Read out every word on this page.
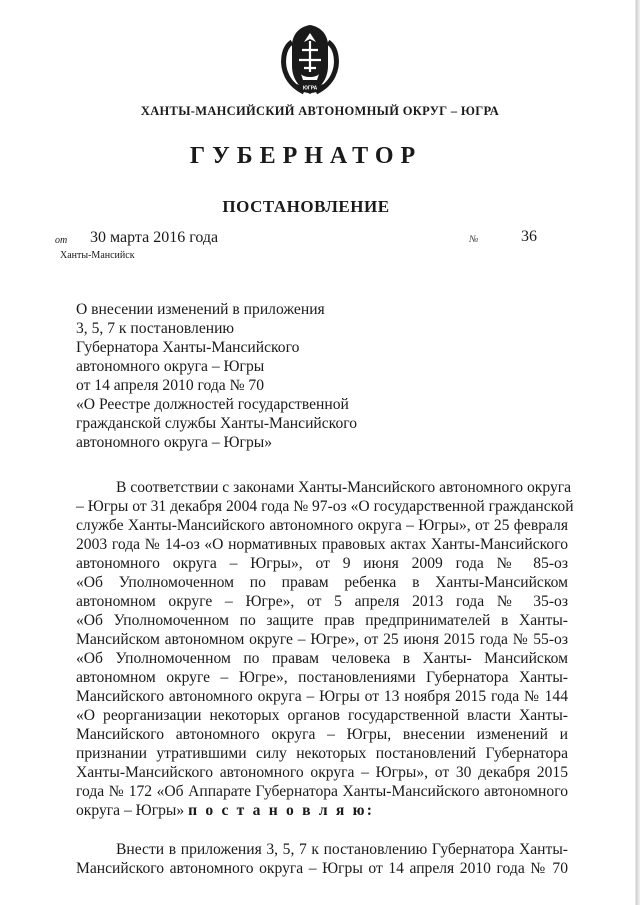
ЮГРА
ХАНТЫ-МАНСИЙСКИЙ АВТОНОМНЫЙ ОКРУГ – ЮГРА
ГУБЕРНАТОР
ПОСТАНОВЛЕНИЕ
от 30 марта 2016 года	№	36
Ханты-Мансийск
О внесении изменений в приложения
3, 5, 7 к постановлению
Губернатора Ханты-Мансийского
автономного округа – Югры
от 14 апреля 2010 года № 70
«О Реестре должностей государственной
гражданской службы Ханты-Мансийского
автономного округа – Югры»
В соответствии с законами Ханты-Мансийского автономного округа
– Югры от 31 декабря 2004 года № 97-оз «О государственной гражданской
службе Ханты-Мансийского автономного округа – Югры», от 25 февраля
2003 года № 14-оз «О нормативных правовых актах Ханты-Мансийского
автономного округа – Югры», от 9 июня 2009 года № 85-оз
«Об Уполномоченном по правам ребенка в Ханты-Мансийском
автономном округе – Югре», от 5 апреля 2013 года № 35-оз
«Об Уполномоченном по защите прав предпринимателей в Ханты-
Мансийском автономном округе – Югре», от 25 июня 2015 года № 55-оз
«Об Уполномоченном по правам человека в Ханты- Мансийском
автономном округе – Югре», постановлениями Губернатора Ханты-
Мансийского автономного округа – Югры от 13 ноября 2015 года № 144
«О реорганизации некоторых органов государственной власти Ханты-
Мансийского автономного округа – Югры, внесении изменений и
признании утратившими силу некоторых постановлений Губернатора
Ханты-Мансийского автономного округа – Югры», от 30 декабря 2015
года № 172 «Об Аппарате Губернатора Ханты-Мансийского автономного
округа – Югры» п о с т а н о в л я ю:
Внести в приложения 3, 5, 7 к постановлению Губернатора Ханты-
Мансийского автономного округа – Югры от 14 апреля 2010 года № 70
